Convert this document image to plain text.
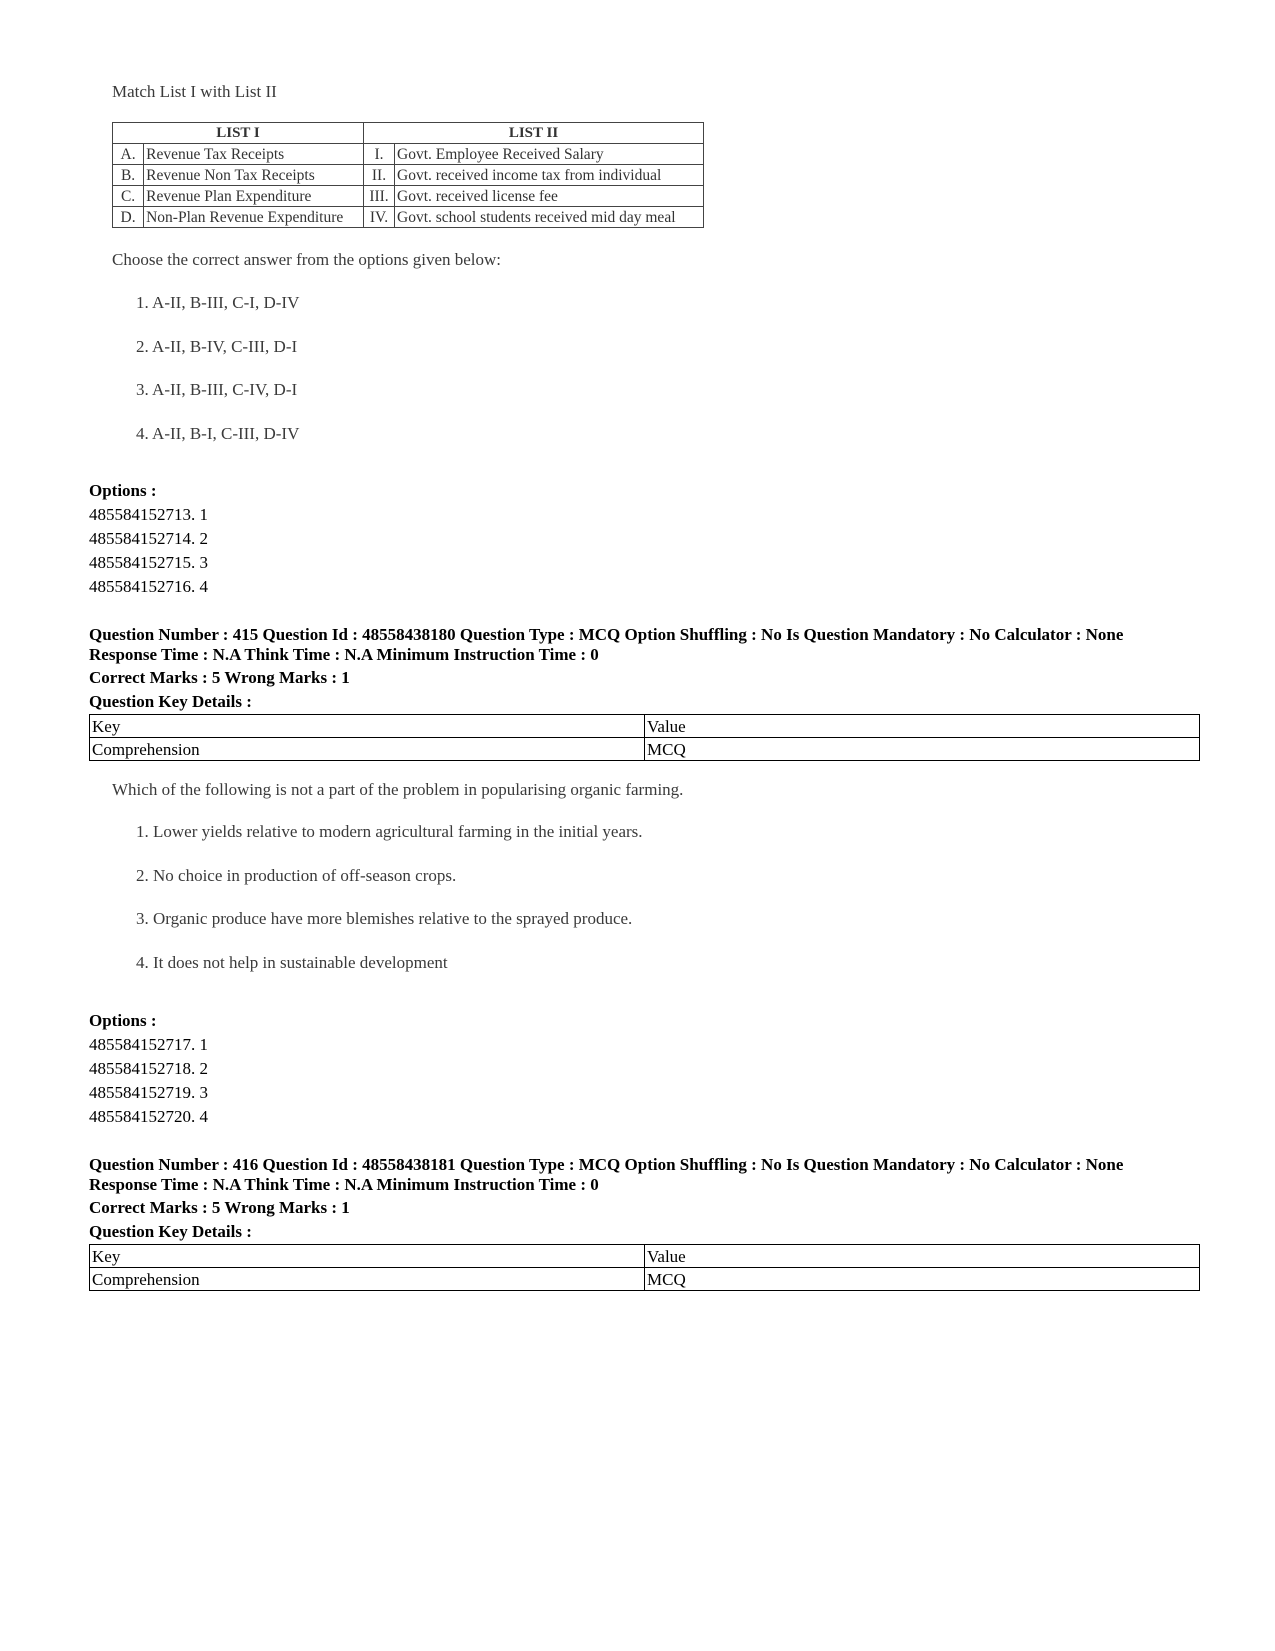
Match List I with List II
LIST I		LIST II	
A.	Revenue Tax Receipts	I.	Govt. Employee Received Salary
B.	Revenue Non Tax Receipts	II.	Govt. received income tax from individual
C.	Revenue Plan Expenditure	III.	Govt. received license fee
D.	Non-Plan Revenue Expenditure	IV.	Govt. school students received mid day meal
Choose the correct answer from the options given below:
1. A-II, B-III, C-I, D-IV
2. A-II, B-IV, C-III, D-I
3. A-II, B-III, C-IV, D-I
4. A-II, B-I, C-III, D-IV
Options :
485584152713. 1
485584152714. 2
485584152715. 3
485584152716. 4
Question Number : 415 Question Id : 48558438180 Question Type : MCQ Option Shuffling : No Is Question Mandatory : No Calculator : None
Response Time : N.A Think Time : N.A Minimum Instruction Time : 0
Correct Marks : 5 Wrong Marks : 1
Question Key Details :
Key	Value
Comprehension	MCQ
Which of the following is not a part of the problem in popularising organic farming.
1. Lower yields relative to modern agricultural farming in the initial years.
2. No choice in production of off-season crops.
3. Organic produce have more blemishes relative to the sprayed produce.
4. It does not help in sustainable development
Options :
485584152717. 1
485584152718. 2
485584152719. 3
485584152720. 4
Question Number : 416 Question Id : 48558438181 Question Type : MCQ Option Shuffling : No Is Question Mandatory : No Calculator : None
Response Time : N.A Think Time : N.A Minimum Instruction Time : 0
Correct Marks : 5 Wrong Marks : 1
Question Key Details :
Key	Value
Comprehension	MCQ
